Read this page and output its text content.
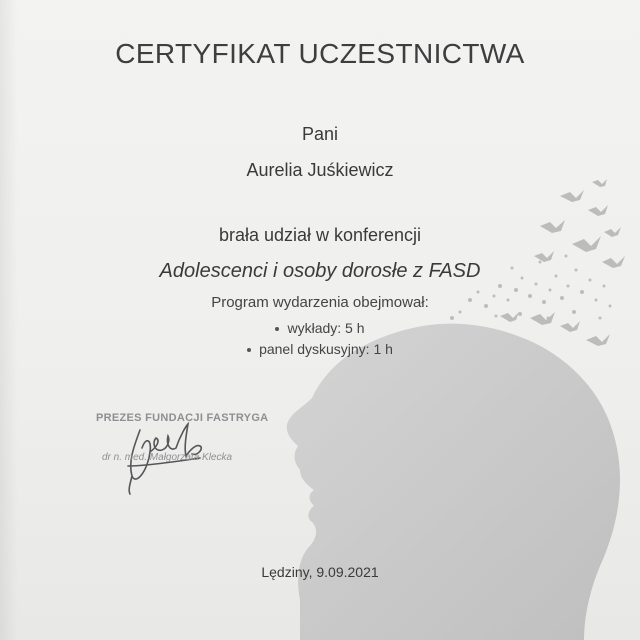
CERTYFIKAT UCZESTNICTWA
Pani
Aurelia Juśkiewicz
brała udział w konferencji
Adolescenci i osoby dorosłe z FASD
Program wydarzenia obejmował:
wykłady: 5 h
panel dyskusyjny: 1 h
PREZES FUNDACJI FASTRYGA
dr n. med. Małgorzata Klecka
Lędziny, 9.09.2021
